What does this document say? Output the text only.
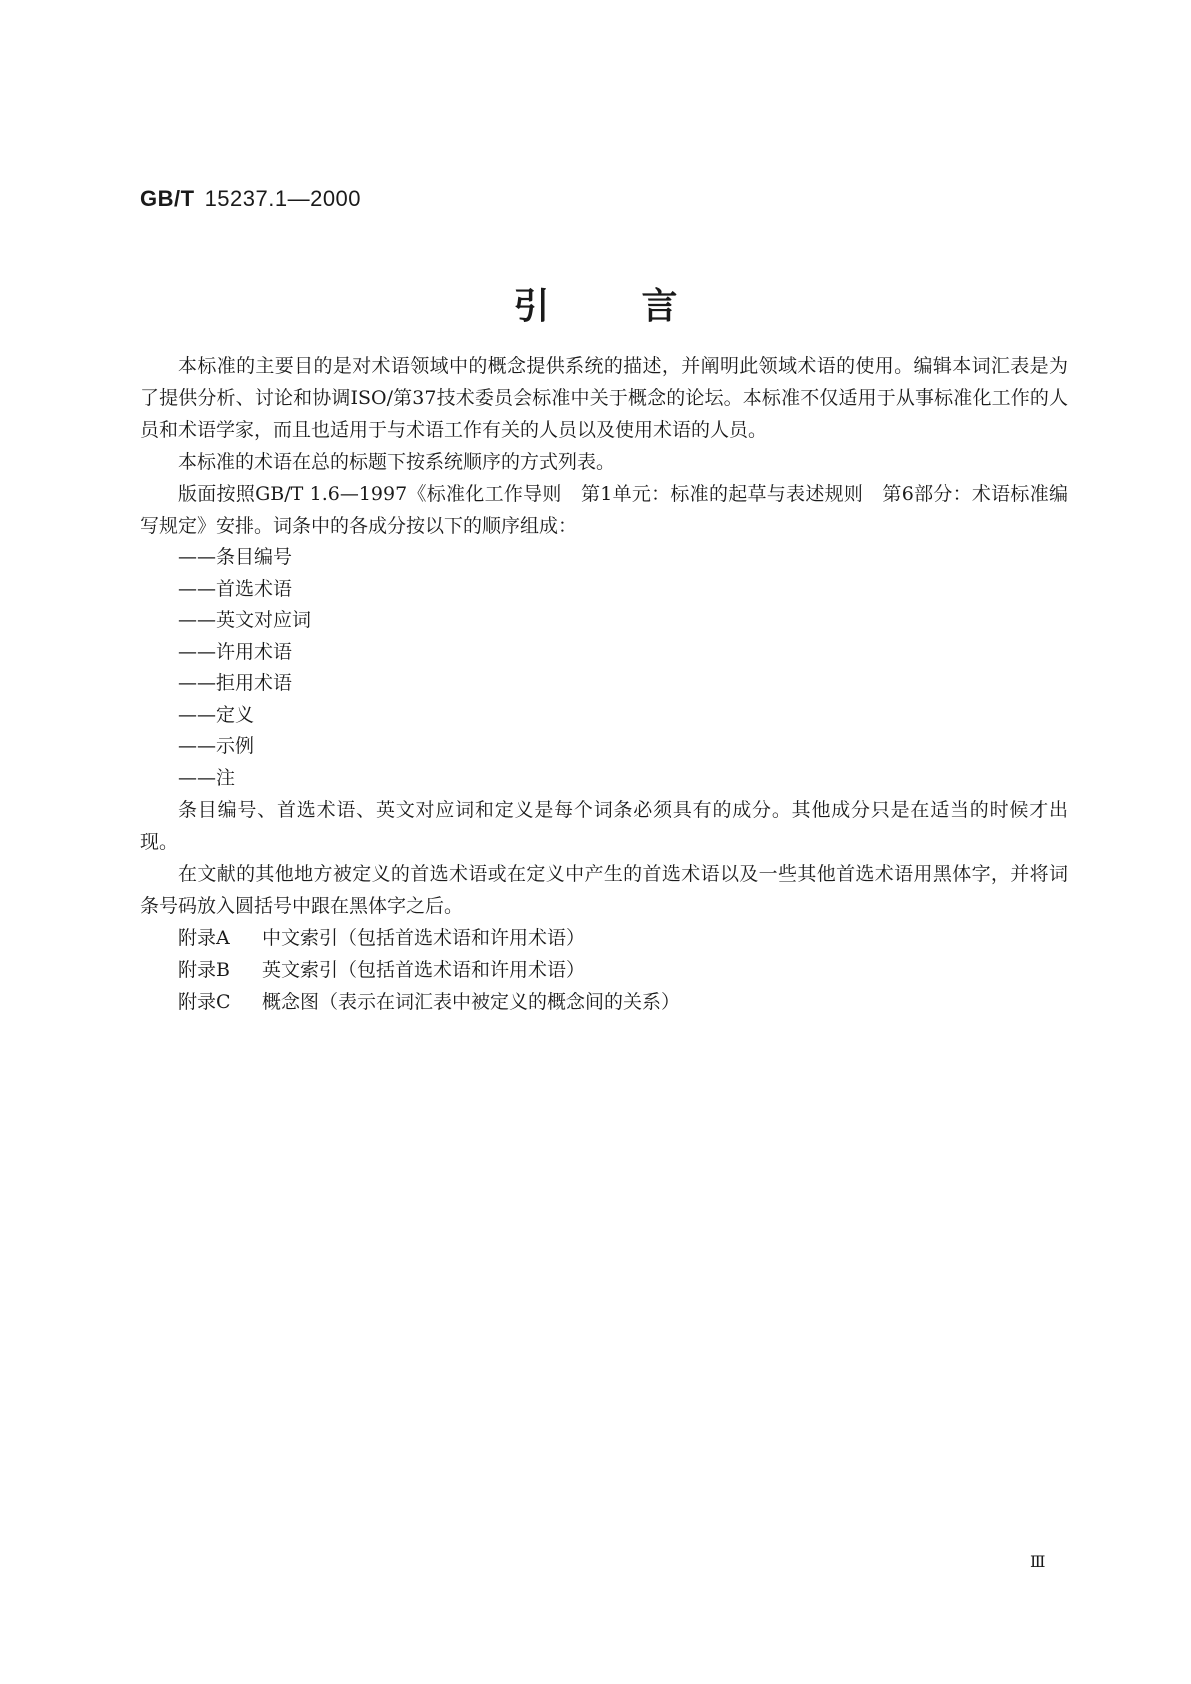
GB/T 15237.1—2000
引言

本标准的主要目的是对术语领域中的概念提供系统的描述，并阐明此领域术语的使用。编辑本词汇表是为了提供分析、讨论和协调ISO/第37技术委员会标准中关于概念的论坛。本标准不仅适用于从事标准化工作的人员和术语学家，而且也适用于与术语工作有关的人员以及使用术语的人员。

本标准的术语在总的标题下按系统顺序的方式列表。

版面按照GB/T 1.6—1997《标准化工作导则　第1单元：标准的起草与表述规则　第6部分：术语标准编写规定》安排。词条中的各成分按以下的顺序组成：

——条目编号
——首选术语
——英文对应词
——许用术语
——拒用术语
——定义
——示例
——注

条目编号、首选术语、英文对应词和定义是每个词条必须具有的成分。其他成分只是在适当的时候才出现。

在文献的其他地方被定义的首选术语或在定义中产生的首选术语以及一些其他首选术语用黑体字，并将词条号码放入圆括号中跟在黑体字之后。

附录A 中文索引（包括首选术语和许用术语）
附录B 英文索引（包括首选术语和许用术语）
附录C 概念图（表示在词汇表中被定义的概念间的关系）
Ⅲ
